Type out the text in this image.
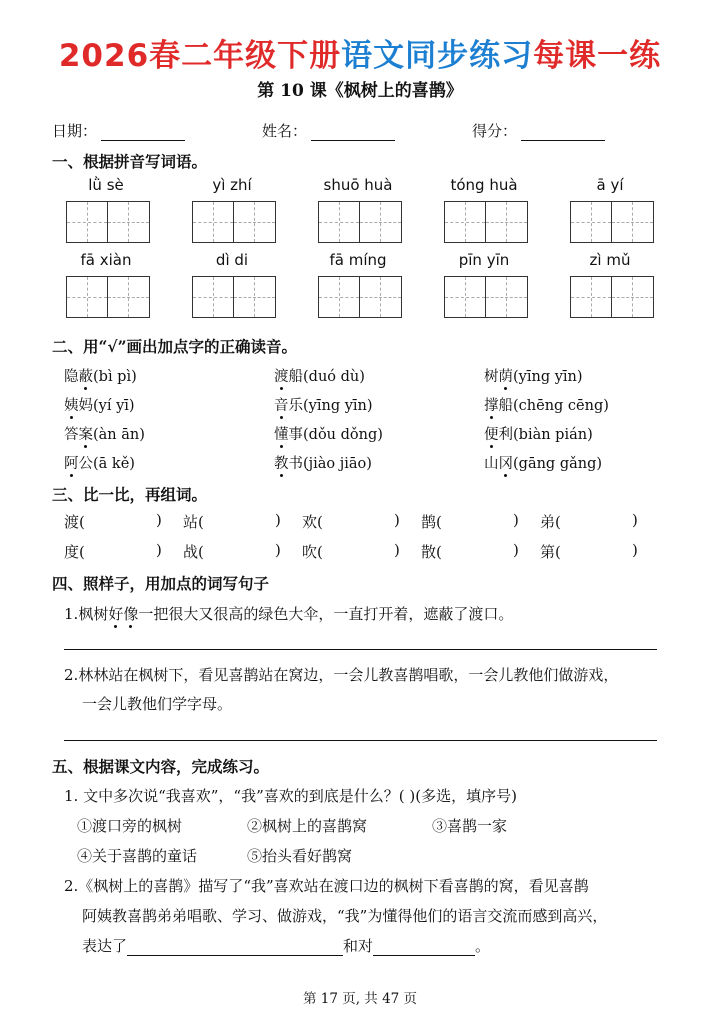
2026春二年级下册语文同步练习每课一练
第 10 课《枫树上的喜鹊》
日期：	姓名：	得分：
一、根据拼音写词语。
lǜ sè	yì zhí	shuō huà	tóng huà	ā yí
fā xiàn	dì di	fā míng	pīn yīn	zì mǔ
二、用“√”画出加点字的正确读音。
隐蔽(bì pì)	渡船(duó dù)	树荫(yīng yīn)
姨妈(yí yī)	音乐(yīng yīn)	撑船(chēng cēng)
答案(àn ān)	懂事(dǒu dǒng)	便利(biàn pián)
阿公(ā kě)	教书(jiào jiāo)	山冈(gāng gǎng)
三、比一比，再组词。
渡(	) 站(	) 欢(	) 鹊(	) 弟(	)
度(	) 战(	) 吹(	) 散(	) 第(	)
四、照样子，用加点的词写句子
1.枫树好像一把很大又很高的绿色大伞，一直打开着，遮蔽了渡口。
2.林林站在枫树下，看见喜鹊站在窝边，一会儿教喜鹊唱歌，一会儿教他们做游戏，
一会儿教他们学字母。
五、根据课文内容，完成练习。
1. 文中多次说“我喜欢”，“我”喜欢的到底是什么？( )(多选，填序号)
①渡口旁的枫树	②枫树上的喜鹊窝	③喜鹊一家
④关于喜鹊的童话	⑤抬头看好鹊窝
2.《枫树上的喜鹊》描写了“我”喜欢站在渡口边的枫树下看喜鹊的窝，看见喜鹊
阿姨教喜鹊弟弟唱歌、学习、做游戏，“我”为懂得他们的语言交流而感到高兴，
表达了	和对	。
第 17 页, 共 47 页
